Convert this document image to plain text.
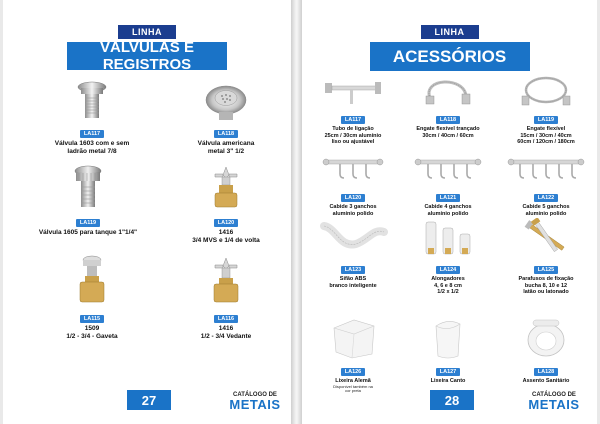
LINHA
VÁLVULAS E REGISTROS
LA117
Válvula 1603 com e sem
ladrão metal 7/8
LA118
Válvula americana
metal 3" 1/2
LA119
Válvula 1605 para tanque 1"1/4"
LA120
1416
3/4 MVS e 1/4 de volta
LA115
1509
1/2 - 3/4 - Gaveta
LA116
1416
1/2 - 3/4 Vedante
27	CATÁLOGO DE
METAIS
LINHA
ACESSÓRIOS
LA117
Tubo de ligação
25cm / 30cm alumínio
liso ou ajustável
LA118
Engate flexível trançado
30cm / 40cm / 60cm
LA119
Engate flexível
15cm / 30cm / 40cm
60cm / 120cm / 180cm
LA120
Cabide 3 ganchos
alumínio polido
LA121
Cabide 4 ganchos
alumínio polido
LA122
Cabide 5 ganchos
alumínio polido
LA123
Sifão ABS
branco inteligente
LA124
Alongadores
4, 6 e 8 cm
1/2 x 1/2
LA125
Parafusos de fixação
bucha 8, 10 e 12
latão ou latonado
LA126
Lixeira Alemã
Disponível também na
cor preta
LA127
Lixeira Canto
LA128
Assento Sanitário
28	CATÁLOGO DE
METAIS
